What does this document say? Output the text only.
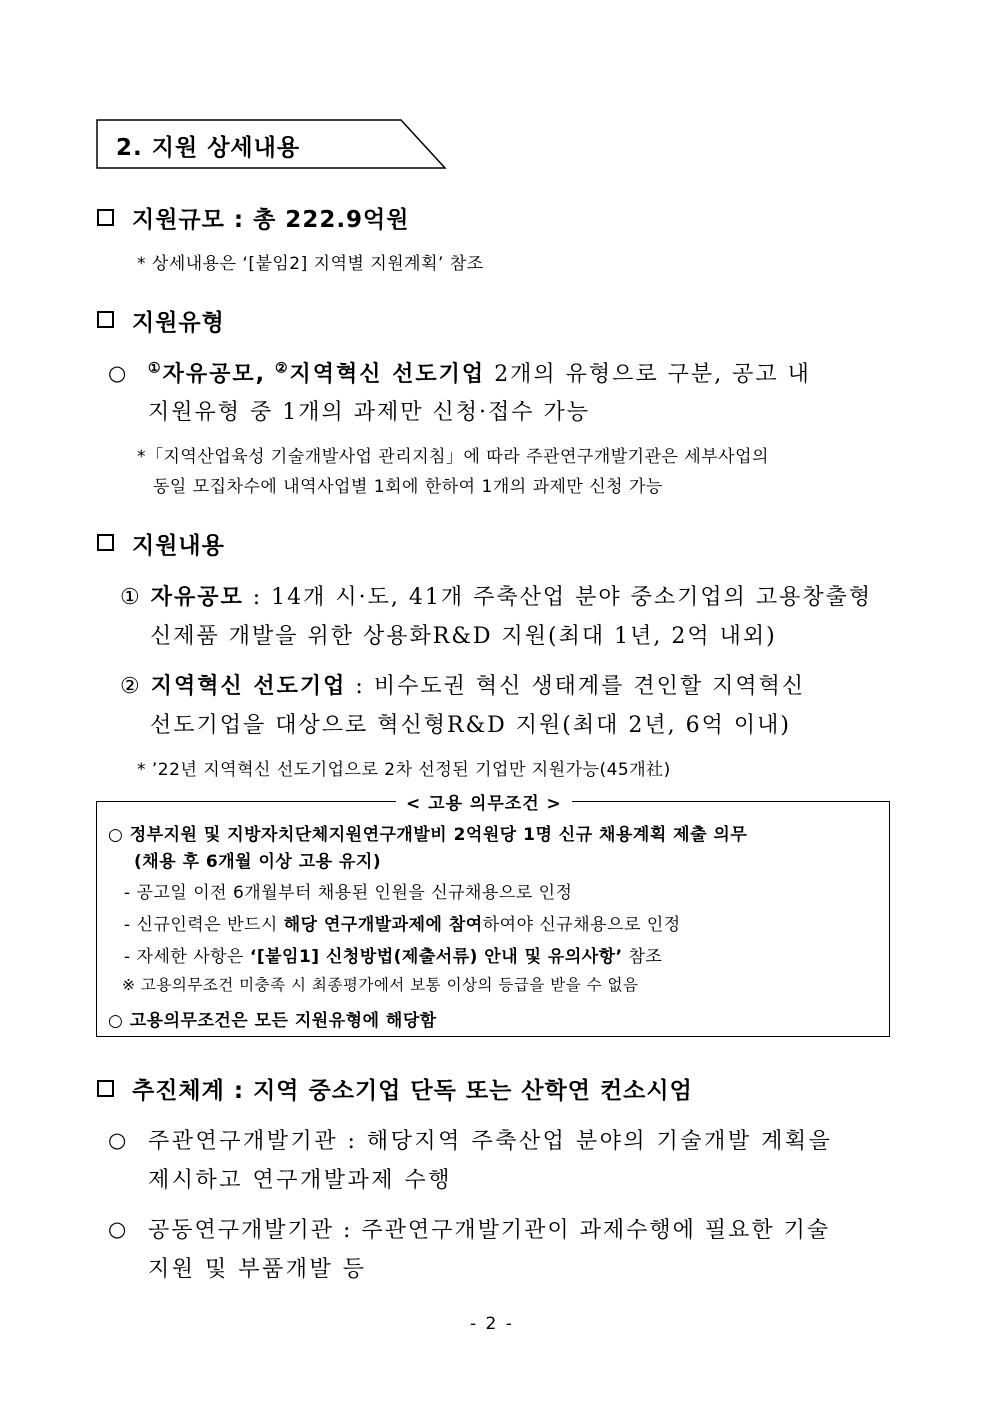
2. 지원 상세내용
지원규모 : 총 222.9억원
* 상세내용은 ‘[붙임2] 지역별 지원계획’ 참조
지원유형
○ ①자유공모, ②지역혁신 선도기업 2개의 유형으로 구분, 공고 내
지원유형 중 1개의 과제만 신청·접수 가능
*「지역산업육성 기술개발사업 관리지침」에 따라 주관연구개발기관은 세부사업의
동일 모집차수에 내역사업별 1회에 한하여 1개의 과제만 신청 가능
지원내용
① 자유공모 : 14개 시·도, 41개 주축산업 분야 중소기업의 고용창출형
신제품 개발을 위한 상용화R&D 지원(최대 1년, 2억 내외)
② 지역혁신 선도기업 : 비수도권 혁신 생태계를 견인할 지역혁신
선도기업을 대상으로 혁신형R&D 지원(최대 2년, 6억 이내)
* ’22년 지역혁신 선도기업으로 2차 선정된 기업만 지원가능(45개社)
< 고용 의무조건 >
○ 정부지원 및 지방자치단체지원연구개발비 2억원당 1명 신규 채용계획 제출 의무
(채용 후 6개월 이상 고용 유지)
- 공고일 이전 6개월부터 채용된 인원을 신규채용으로 인정
- 신규인력은 반드시 해당 연구개발과제에 참여하여야 신규채용으로 인정
- 자세한 사항은 ‘[붙임1] 신청방법(제출서류) 안내 및 유의사항’ 참조
※ 고용의무조건 미충족 시 최종평가에서 보통 이상의 등급을 받을 수 없음
○ 고용의무조건은 모든 지원유형에 해당함
추진체계 : 지역 중소기업 단독 또는 산학연 컨소시엄
○ 주관연구개발기관 : 해당지역 주축산업 분야의 기술개발 계획을
제시하고 연구개발과제 수행
○ 공동연구개발기관 : 주관연구개발기관이 과제수행에 필요한 기술
지원 및 부품개발 등
- 2 -
